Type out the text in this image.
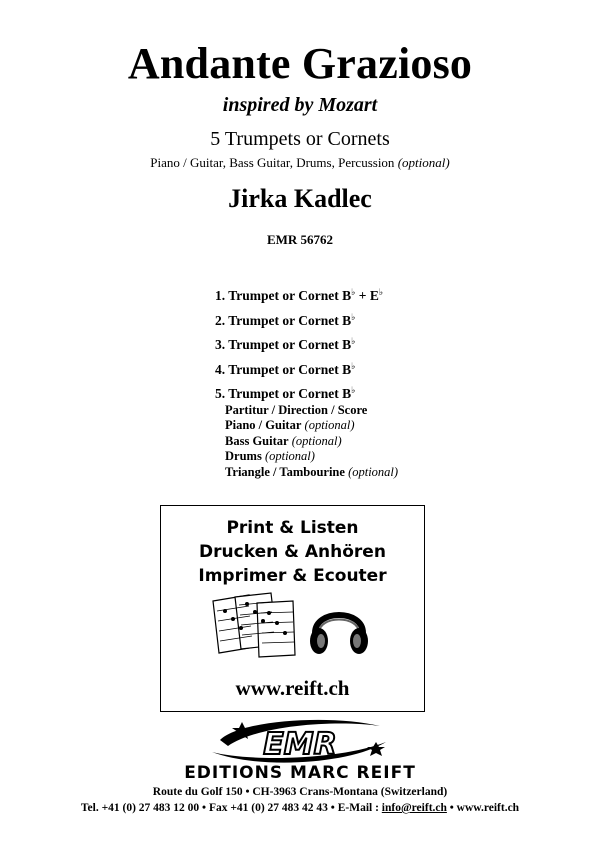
Andante Grazioso
inspired by Mozart
5 Trumpets or Cornets
Piano / Guitar, Bass Guitar, Drums, Percussion (optional)
Jirka Kadlec
EMR 56762
1. Trumpet or Cornet B♭ + E♭
2. Trumpet or Cornet B♭
3. Trumpet or Cornet B♭
4. Trumpet or Cornet B♭
5. Trumpet or Cornet B♭
Partitur / Direction / Score
Piano / Guitar (optional)
Bass Guitar (optional)
Drums (optional)
Triangle / Tambourine (optional)
Print & Listen
Drucken & Anhören
Imprimer & Ecouter
www.reift.ch
EMR
EDITIONS MARC REIFT
Route du Golf 150 • CH-3963 Crans-Montana (Switzerland)
Tel. +41 (0) 27 483 12 00 • Fax +41 (0) 27 483 42 43 • E-Mail : info@reift.ch • www.reift.ch
